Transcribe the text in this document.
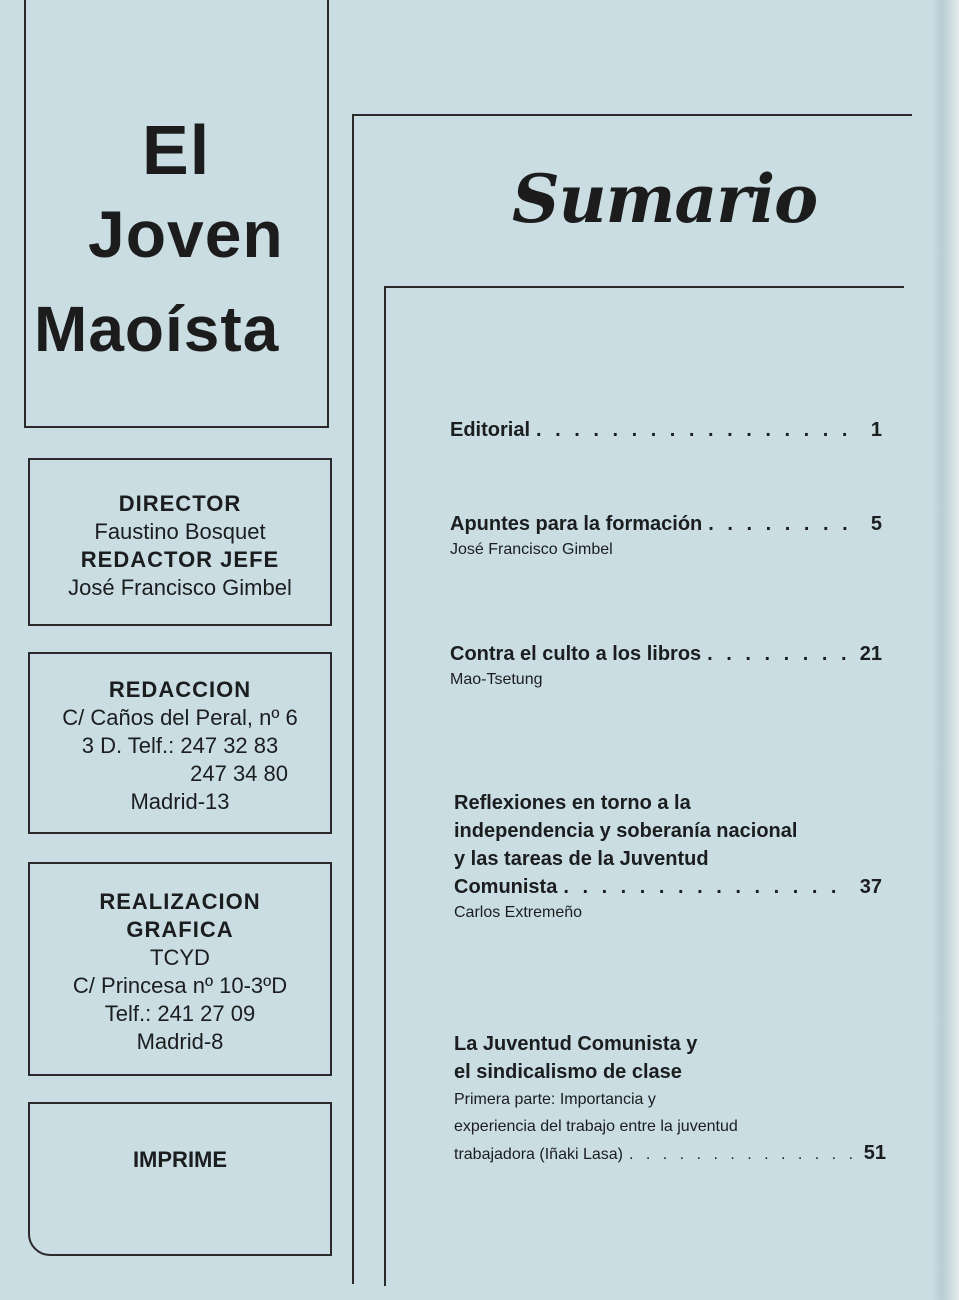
El
Joven
Maoísta
DIRECTOR
Faustino Bosquet
REDACTOR JEFE
José Francisco Gimbel
REDACCION
C/ Caños del Peral, nº 6
3 D. Telf.: 247 32 83
247 34 80
Madrid-13
REALIZACION
GRAFICA
TCYD
C/ Princesa nº 10-3ºD
Telf.: 241 27 09
Madrid-8
IMPRIME
Sumario
Editorial . . .	1
Apuntes para la formación . . .	5
José Francisco Gimbel
Contra el culto a los libros . . .	21
Mao-Tsetung
Reflexiones en torno a la
independencia y soberanía nacional
y las tareas de la Juventud
Comunista . . .	37
Carlos Extremeño
La Juventud Comunista y
el sindicalismo de clase
Primera parte: Importancia y
experiencia del trabajo entre la juventud
trabajadora (Iñaki Lasa) . . .	51
